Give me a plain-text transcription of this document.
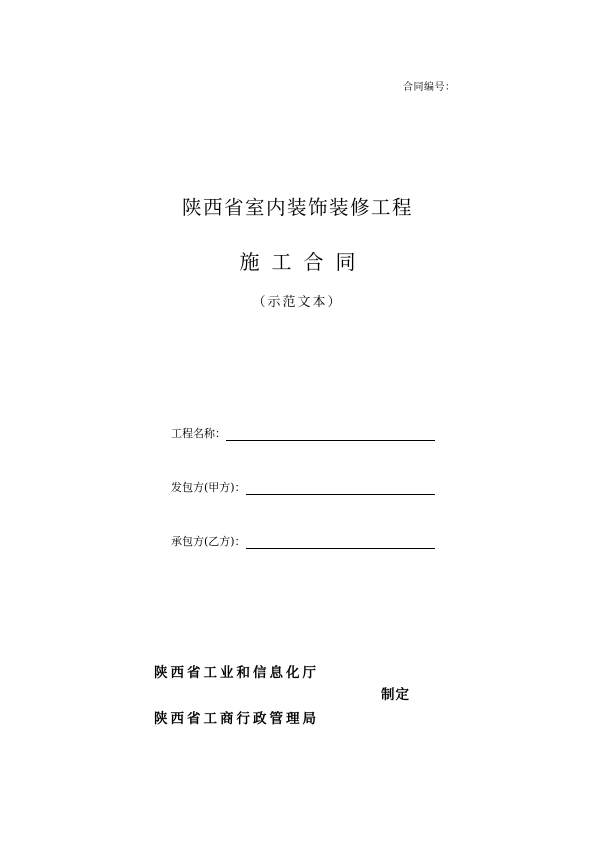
合同编号：
陕西省室内装饰装修工程
施工合同
（示范文本）
工程名称：
发包方(甲方)：
承包方(乙方)：
陕西省工业和信息化厅
制定
陕西省工商行政管理局
